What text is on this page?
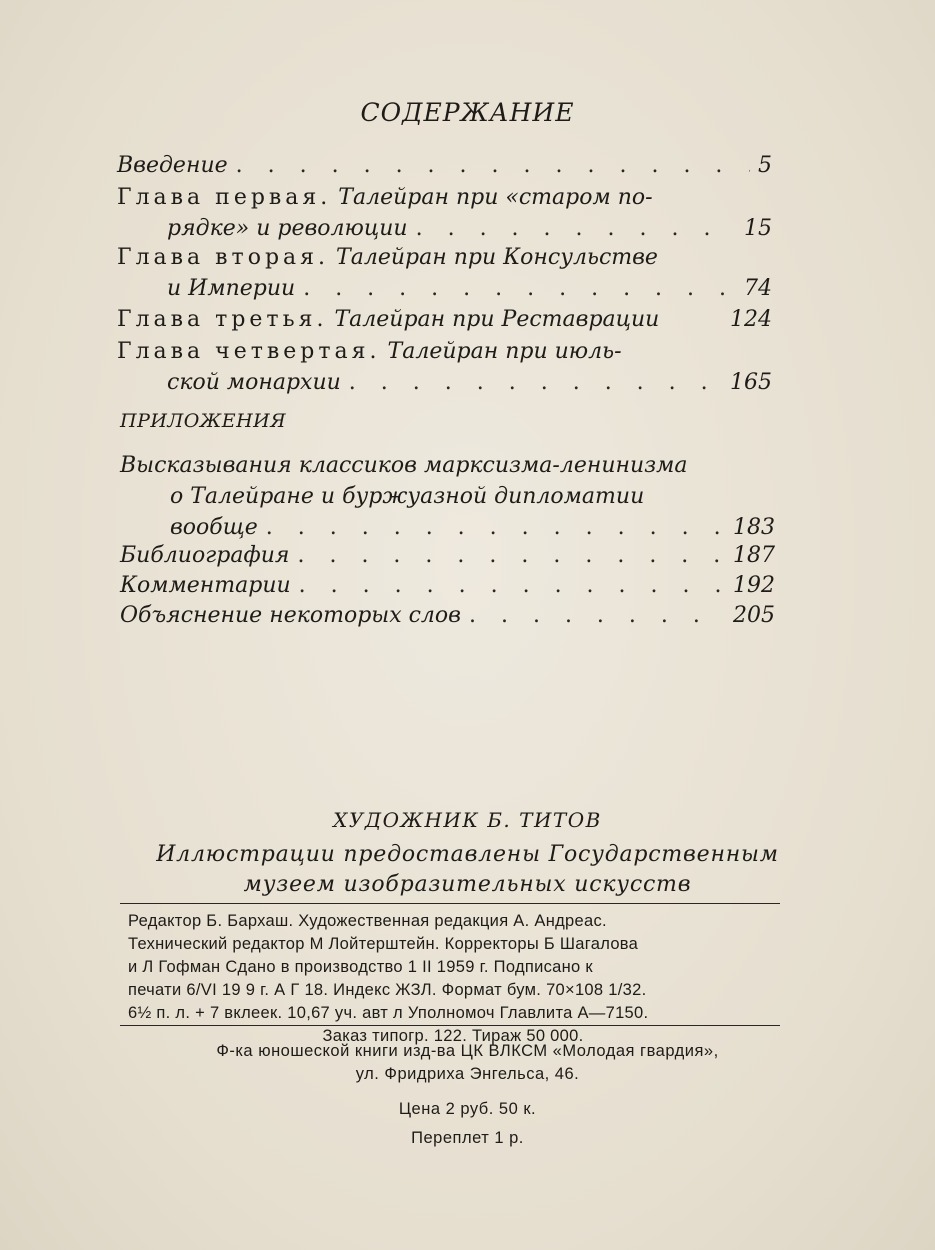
СОДЕРЖАНИЕ
Введение . . .	5
Глава первая. Талейран при «старом по-
рядке» и революции . . .	15
Глава вторая. Талейран при Консульстве
и Империи . . .	74
Глава третья. Талейран при Реставрации	124
Глава четвертая. Талейран при июль-
ской монархии . . .	165
ПРИЛОЖЕНИЯ
Высказывания классиков марксизма-ленинизма
о Талейране и буржуазной дипломатии
вообще . . .	183
Библиография . . .	187
Комментарии . . .	192
Объяснение некоторых слов . . .	205
ХУДОЖНИК Б. ТИТОВ
Иллюстрации предоставлены Государственным
музеем изобразительных искусств
Редактор Б. Бархаш. Художественная редакция А. Андреас.
Технический редактор М Лойтерштейн. Корректоры Б Шагалова
и Л Гофман Сдано в производство 1 II 1959 г. Подписано к
печати 6/VI 19 9 г. А Г 18. Индекс ЖЗЛ. Формат бум. 70×108 1/32.
6½ п. л. + 7 вклеек. 10,67 уч. авт л Уполномоч Главлита А—7150.
Заказ типогр. 122. Тираж 50 000.
Ф-ка юношеской книги изд-ва ЦК ВЛКСМ «Молодая гвардия»,
ул. Фридриха Энгельса, 46.
Цена 2 руб. 50 к.
Переплет 1 р.
